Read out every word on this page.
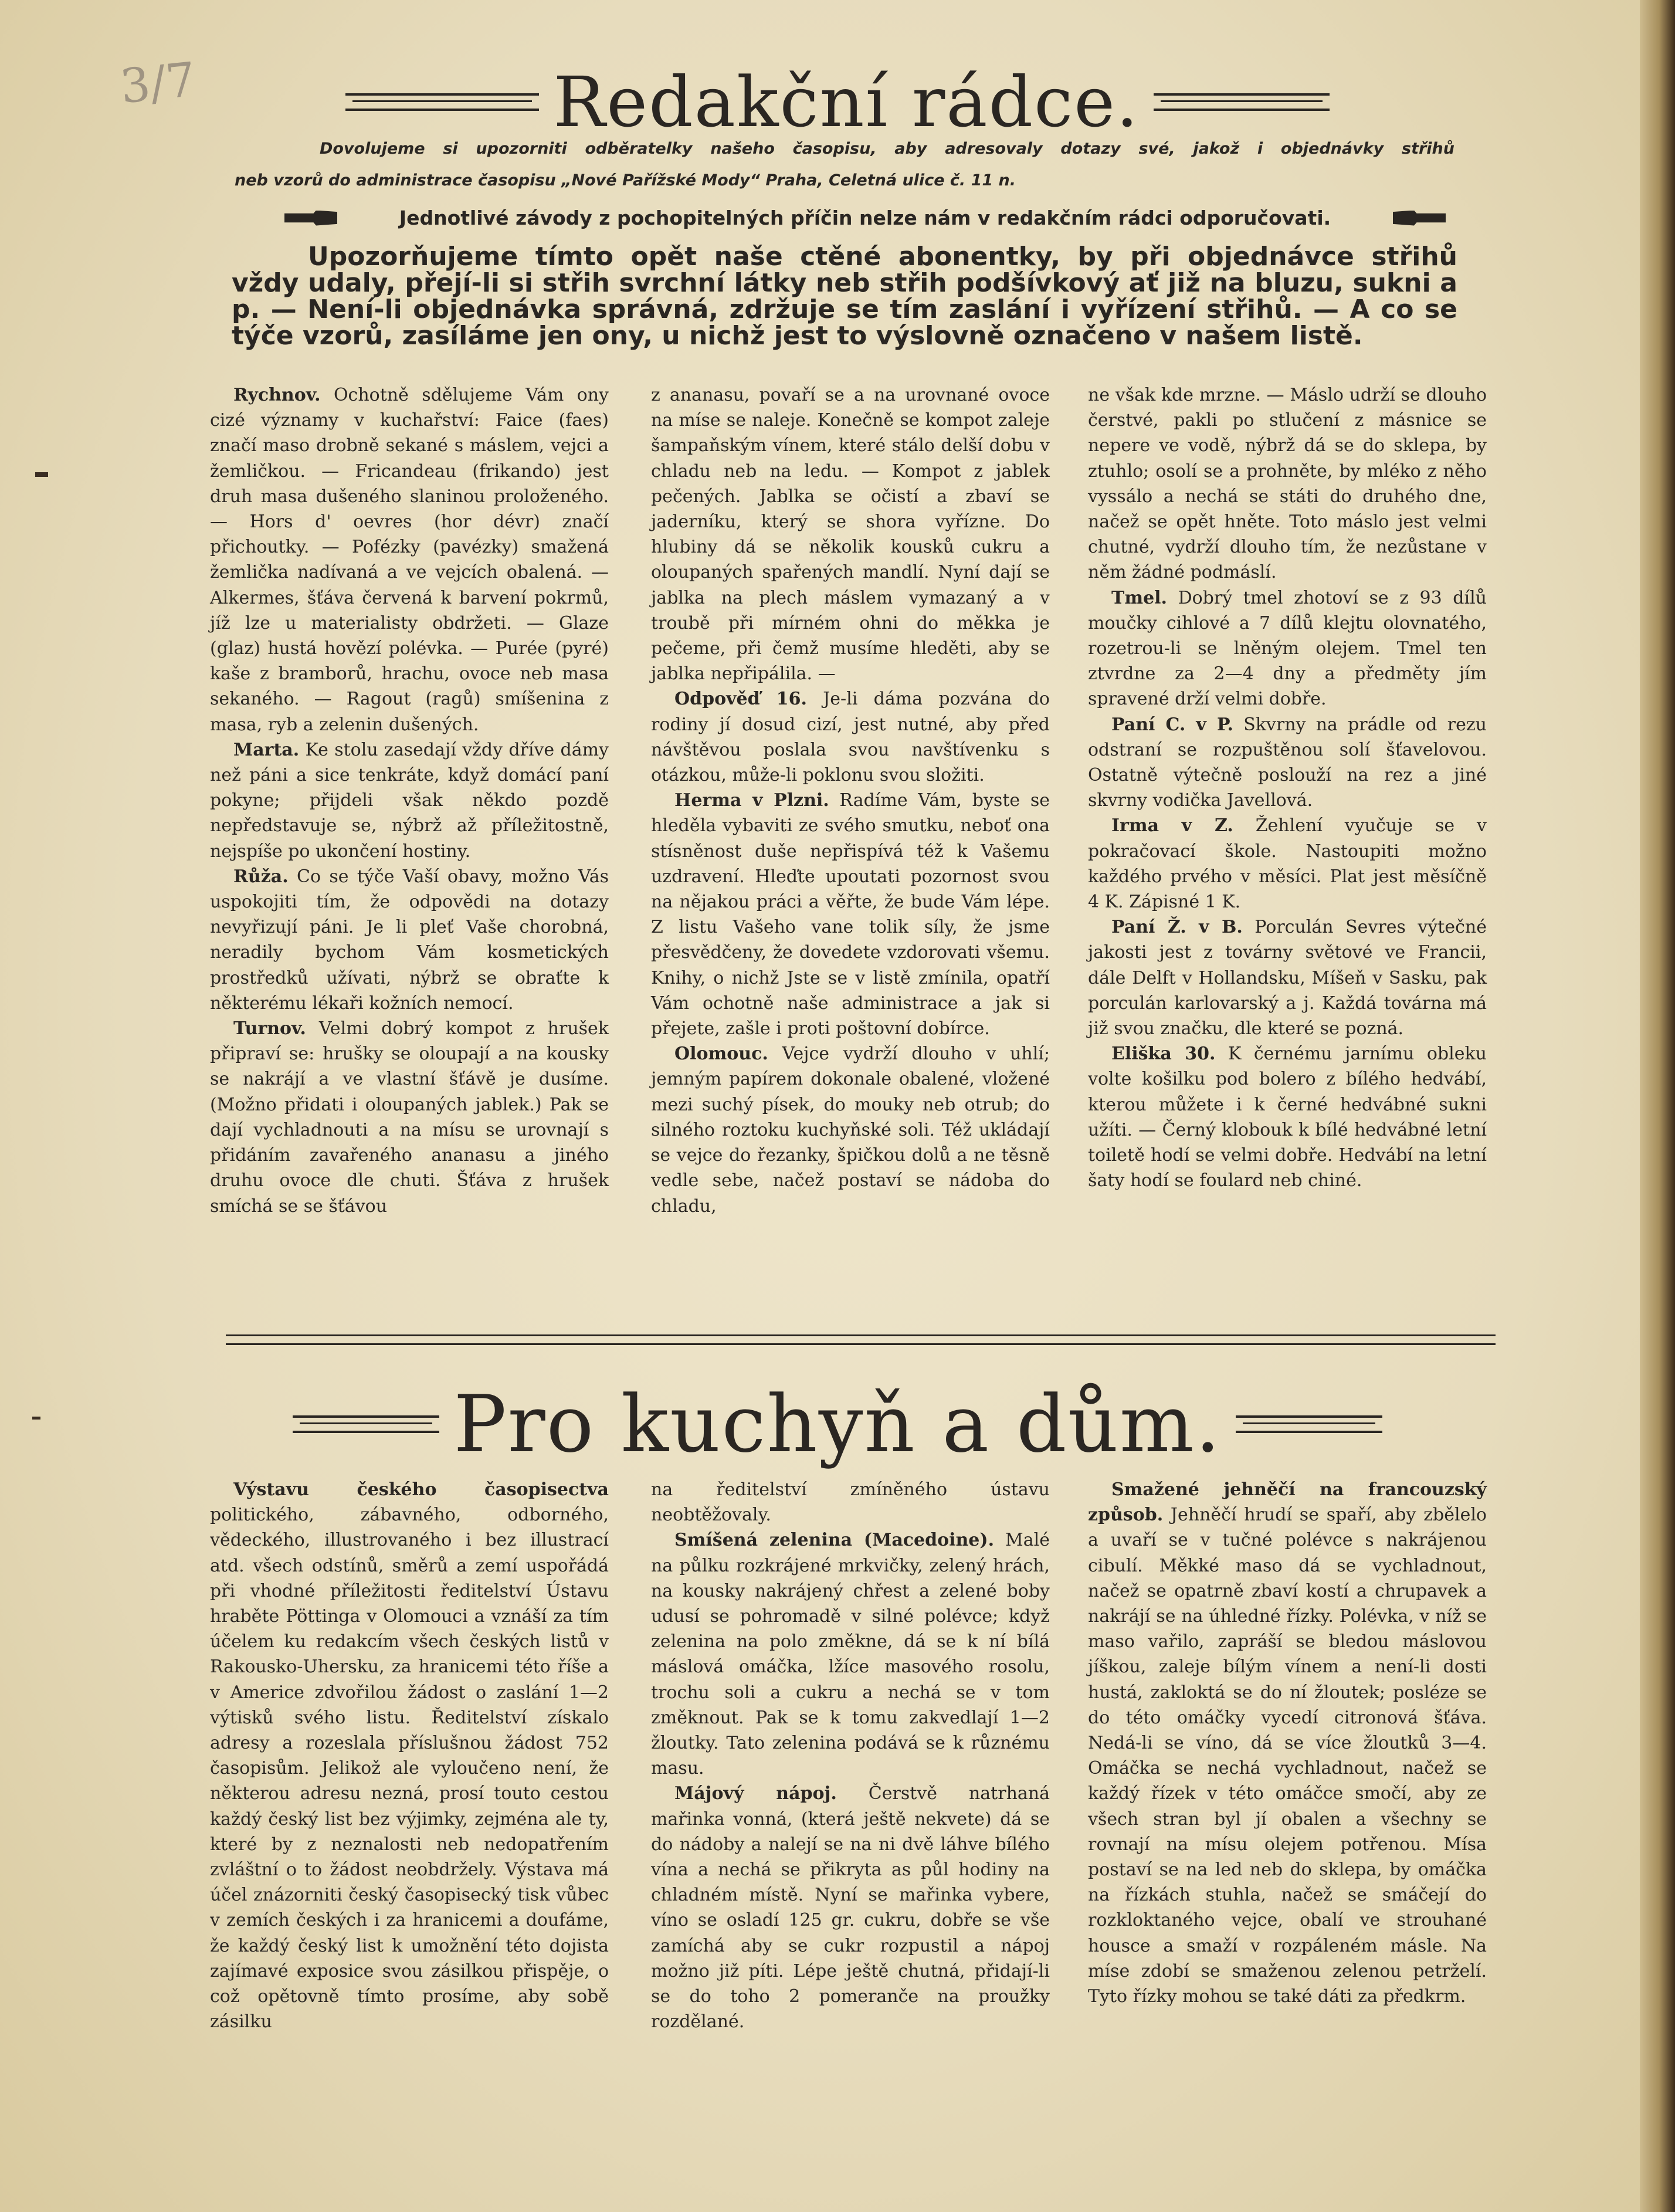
3/7	Redakční rádce.
Dovolujeme si upozorniti odběratelky našeho časopisu, aby adresovaly dotazy své, jakož i objednávky střihů
neb vzorů do administrace časopisu „Nové Pařížské Mody“ Praha, Celetná ulice č. 11 n.
Jednotlivé závody z pochopitelných příčin nelze nám v redakčním rádci odporučovati.
Upozorňujeme tímto opět naše ctěné abonentky, by při objednávce střihů vždy udaly, přejí-li si střih svrchní látky neb střih podšívkový ať již na bluzu, sukni a p. — Není-li objednávka správná, zdržuje se tím zaslání i vyřízení střihů. — A co se týče vzorů, zasíláme jen ony, u nichž jest to výslovně označeno v našem listě.

Rychnov. Ochotně sdělujeme Vám ony cizé významy v kuchařství: Faice (faes) značí maso drobně sekané s máslem, vejci a žemličkou. — Fricandeau (frikando) jest druh masa dušeného slaninou proloženého. — Hors d' oevres (hor dévr) značí přichoutky. — Pofézky (pavézky) smažená žemlička nadívaná a ve vejcích obalená. — Alkermes, šťáva červená k barvení pokrmů, jíž lze u materialisty obdržeti. — Glaze (glaz) hustá hovězí polévka. — Purée (pyré) kaše z bramborů, hrachu, ovoce neb masa sekaného. — Ragout (ragů) smíšenina z masa, ryb a zelenin dušených.

Marta. Ke stolu zasedají vždy dříve dámy než páni a sice tenkráte, když domácí paní pokyne; přijdeli však někdo pozdě nepředstavuje se, nýbrž až příležitostně, nejspíše po ukončení hostiny.

Růža. Co se týče Vaší obavy, možno Vás uspokojiti tím, že odpovědi na dotazy nevyřizují páni. Je li pleť Vaše chorobná, neradily bychom Vám kosmetických prostředků užívati, nýbrž se obraťte k některému lékaři kožních nemocí.

Turnov. Velmi dobrý kompot z hrušek připraví se: hrušky se oloupají a na kousky se nakrájí a ve vlastní šťávě je dusíme. (Možno přidati i oloupaných jablek.) Pak se dají vychladnouti a na mísu se urovnají s přidáním zavařeného ananasu a jiného druhu ovoce dle chuti. Šťáva z hrušek smíchá se se šťávou

z ananasu, povaří se a na urovnané ovoce na míse se naleje. Konečně se kompot zaleje šampaňským vínem, které stálo delší dobu v chladu neb na ledu. — Kompot z jablek pečených. Jablka se očistí a zbaví se jaderníku, který se shora vyřízne. Do hlubiny dá se několik kousků cukru a oloupaných spařených mandlí. Nyní dají se jablka na plech máslem vymazaný a v troubě při mírném ohni do měkka je pečeme, při čemž musíme hleděti, aby se jablka nepřipálila. —

Odpověď 16. Je-li dáma pozvána do rodiny jí dosud cizí, jest nutné, aby před návštěvou poslala svou navštívenku s otázkou, může-li poklonu svou složiti.

Herma v Plzni. Radíme Vám, byste se hleděla vybaviti ze svého smutku, neboť ona stísněnost duše nepřispívá též k Vašemu uzdravení. Hleďte upoutati pozornost svou na nějakou práci a věřte, že bude Vám lépe. Z listu Vašeho vane tolik síly, že jsme přesvědčeny, že dovedete vzdorovati všemu. Knihy, o nichž Jste se v listě zmínila, opatří Vám ochotně naše administrace a jak si přejete, zašle i proti poštovní dobírce.

Olomouc. Vejce vydrží dlouho v uhlí; jemným papírem dokonale obalené, vložené mezi suchý písek, do mouky neb otrub; do silného roztoku kuchyňské soli. Též ukládají se vejce do řezanky, špičkou dolů a ne těsně vedle sebe, načež postaví se nádoba do chladu,

ne však kde mrzne. — Máslo udrží se dlouho čerstvé, pakli po stlučení z másnice se nepere ve vodě, nýbrž dá se do sklepa, by ztuhlo; osolí se a prohněte, by mléko z něho vyssálo a nechá se státi do druhého dne, načež se opět hněte. Toto máslo jest velmi chutné, vydrží dlouho tím, že nezůstane v něm žádné podmáslí.

Tmel. Dobrý tmel zhotoví se z 93 dílů moučky cihlové a 7 dílů klejtu olovnatého, rozetrou-li se lněným olejem. Tmel ten ztvrdne za 2—4 dny a předměty jím spravené drží velmi dobře.

Paní C. v P. Skvrny na prádle od rezu odstraní se rozpuštěnou solí šťavelovou. Ostatně výtečně poslouží na rez a jiné skvrny vodička Javellová.

Irma v Z. Žehlení vyučuje se v pokračovací škole. Nastoupiti možno každého prvého v měsíci. Plat jest měsíčně 4 K. Zápisné 1 K.

Paní Ž. v B. Porculán Sevres výtečné jakosti jest z továrny světové ve Francii, dále Delft v Hollandsku, Míšeň v Sasku, pak porculán karlovarský a j. Každá továrna má již svou značku, dle které se pozná.

Eliška 30. K černému jarnímu obleku volte košilku pod bolero z bílého hedvábí, kterou můžete i k černé hedvábné sukni užíti. — Černý klobouk k bílé hedvábné letní toiletě hodí se velmi dobře. Hedvábí na letní šaty hodí se foulard neb chiné.

Pro kuchyň a dům.

Výstavu českého časopisectva politického, zábavného, odborného, vědeckého, illustrovaného i bez illustrací atd. všech odstínů, směrů a zemí uspořádá při vhodné příležitosti ředitelství Ústavu hraběte Pöttinga v Olomouci a vznáší za tím účelem ku redakcím všech českých listů v Rakousko-Uhersku, za hranicemi této říše a v Americe zdvořilou žádost o zaslání 1—2 výtisků svého listu. Ředitelství získalo adresy a rozeslala příslušnou žádost 752 časopisům. Jelikož ale vyloučeno není, že některou adresu nezná, prosí touto cestou každý český list bez výjimky, zejména ale ty, které by z neznalosti neb nedopatřením zvláštní o to žádost neobdržely. Výstava má účel znázorniti český časopisecký tisk vůbec v zemích českých i za hranicemi a doufáme, že každý český list k umožnění této dojista zajímavé exposice svou zásilkou přispěje, o což opětovně tímto prosíme, aby sobě zásilku

na ředitelství zmíněného ústavu neobtěžovaly.

Smíšená zelenina (Macedoine). Malé na půlku rozkrájené mrkvičky, zelený hrách, na kousky nakrájený chřest a zelené boby udusí se pohromadě v silné polévce; když zelenina na polo změkne, dá se k ní bílá máslová omáčka, lžíce masového rosolu, trochu soli a cukru a nechá se v tom změknout. Pak se k tomu zakvedlají 1—2 žloutky. Tato zelenina podává se k různému masu.

Májový nápoj. Čerstvě natrhaná mařinka vonná, (která ještě nekvete) dá se do nádoby a nalejí se na ni dvě láhve bílého vína a nechá se přikryta as půl hodiny na chladném místě. Nyní se mařinka vybere, víno se osladí 125 gr. cukru, dobře se vše zamíchá aby se cukr rozpustil a nápoj možno již píti. Lépe ještě chutná, přidají-li se do toho 2 pomeranče na proužky rozdělané.

Smažené jehněčí na francouzský způsob. Jehněčí hrudí se spaří, aby zbělelo a uvaří se v tučné polévce s nakrájenou cibulí. Měkké maso dá se vychladnout, načež se opatrně zbaví kostí a chrupavek a nakrájí se na úhledné řízky. Polévka, v níž se maso vařilo, zapráší se bledou máslovou jíškou, zaleje bílým vínem a není-li dosti hustá, zakloktá se do ní žloutek; posléze se do této omáčky vycedí citronová šťáva. Nedá-li se víno, dá se více žloutků 3—4. Omáčka se nechá vychladnout, načež se každý řízek v této omáčce smočí, aby ze všech stran byl jí obalen a všechny se rovnají na mísu olejem potřenou. Mísa postaví se na led neb do sklepa, by omáčka na řízkách stuhla, načež se smáčejí do rozkloktaného vejce, obalí ve strouhané housce a smaží v rozpáleném másle. Na míse zdobí se smaženou zelenou petrželí. Tyto řízky mohou se také dáti za předkrm.
